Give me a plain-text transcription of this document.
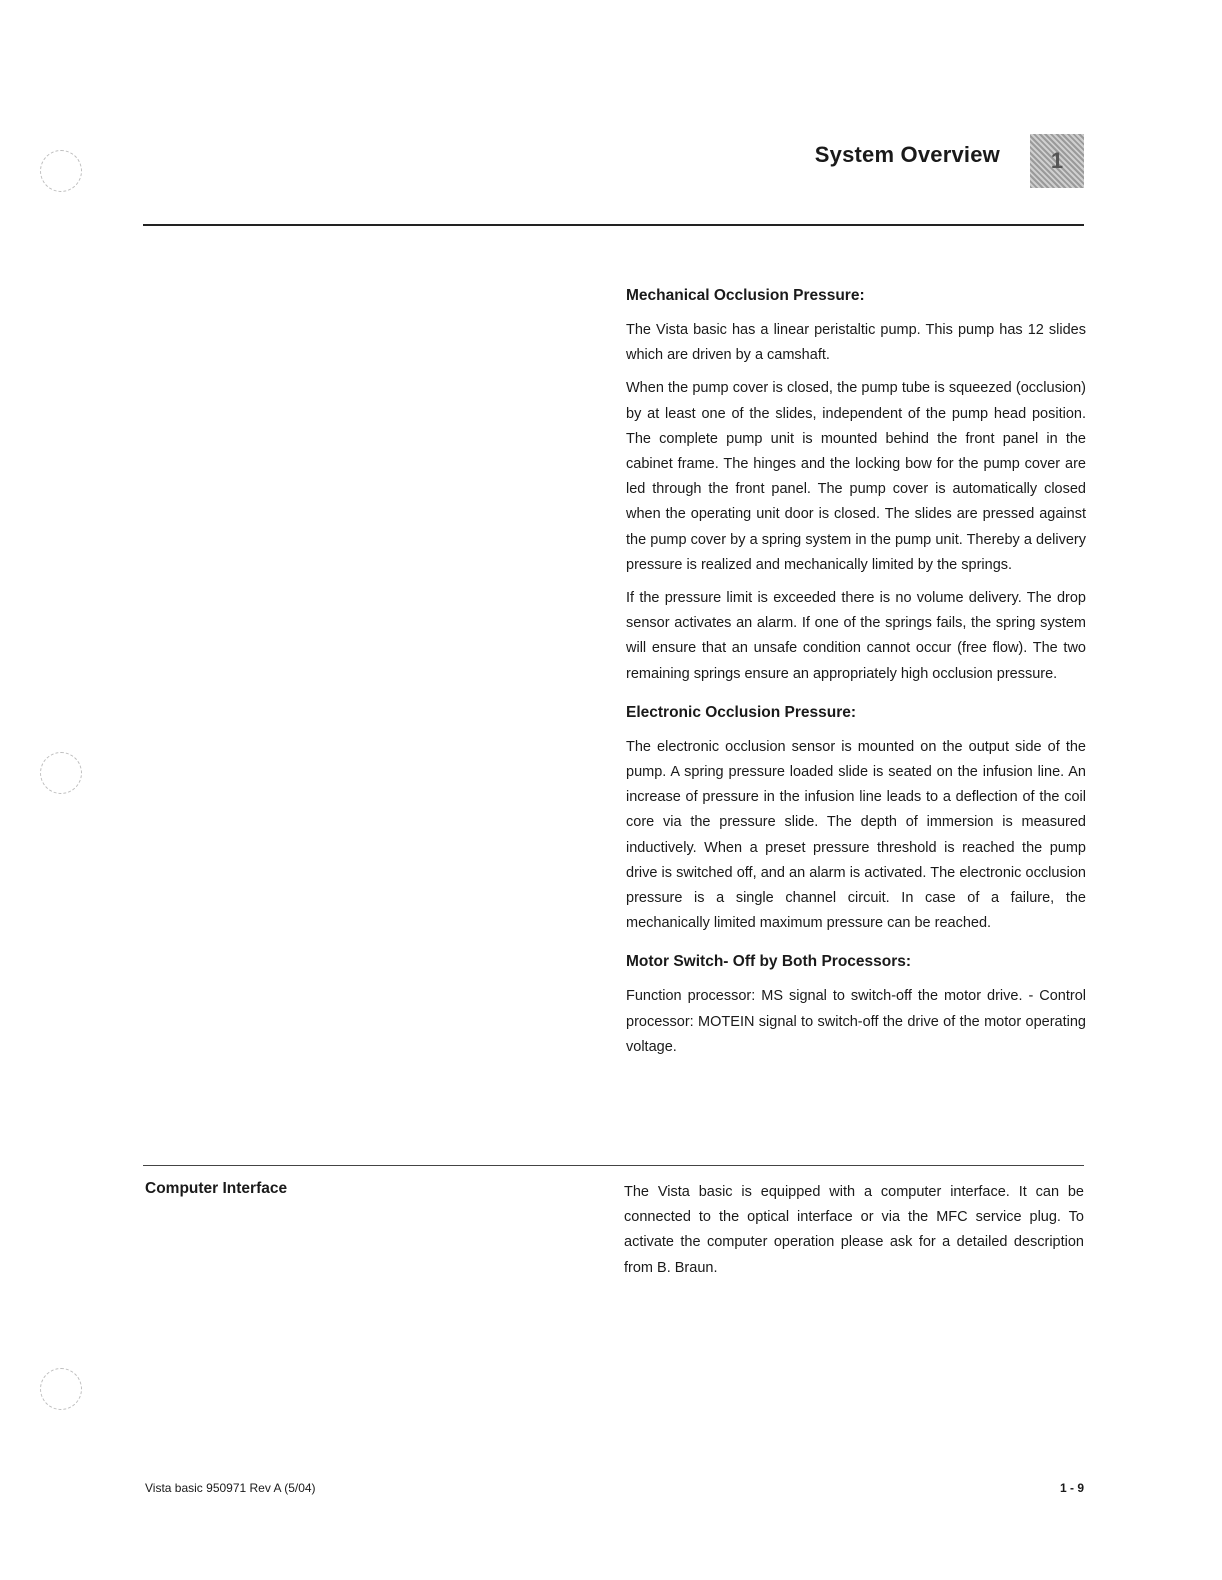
System Overview	1
Mechanical Occlusion Pressure:

The Vista basic has a linear peristaltic pump. This pump has 12 slides which are driven by a camshaft.

When the pump cover is closed, the pump tube is squeezed (occlusion) by at least one of the slides, independent of the pump head position. The complete pump unit is mounted behind the front panel in the cabinet frame. The hinges and the locking bow for the pump cover are led through the front panel. The pump cover is automatically closed when the operating unit door is closed. The slides are pressed against the pump cover by a spring system in the pump unit. Thereby a delivery pressure is realized and mechanically limited by the springs.

If the pressure limit is exceeded there is no volume delivery. The drop sensor activates an alarm. If one of the springs fails, the spring system will ensure that an unsafe condition cannot occur (free flow). The two remaining springs ensure an appropriately high occlusion pressure.

Electronic Occlusion Pressure:

The electronic occlusion sensor is mounted on the output side of the pump. A spring pressure loaded slide is seated on the infusion line. An increase of pressure in the infusion line leads to a deflection of the coil core via the pressure slide. The depth of immersion is measured inductively. When a preset pressure threshold is reached the pump drive is switched off, and an alarm is activated. The electronic occlusion pressure is a single channel circuit. In case of a failure, the mechanically limited maximum pressure can be reached.

Motor Switch- Off by Both Processors:

Function processor: MS signal to switch-off the motor drive. - Control processor: MOTEIN signal to switch-off the drive of the motor operating voltage.

Computer Interface	The Vista basic is equipped with a computer interface. It can be connected to the optical interface or via the MFC service plug. To activate the computer operation please ask for a detailed description from B. Braun.
Vista basic 950971 Rev A (5/04)	1 - 9
